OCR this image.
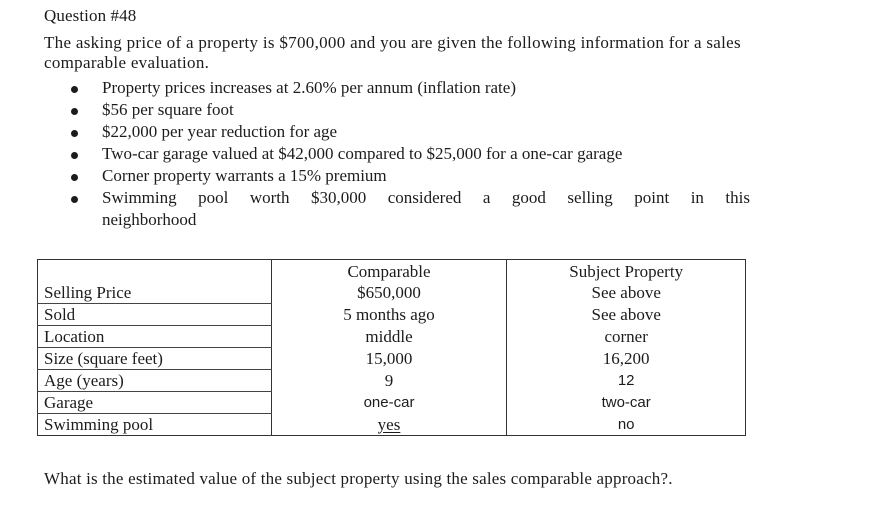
Question #48

The asking price of a property is $700,000 and you are given the following information for a sales comparable evaluation.

Property prices increases at 2.60% per annum (inflation rate)
$56 per square foot
$22,000 per year reduction for age
Two-car garage valued at $42,000 compared to $25,000 for a one-car garage
Corner property warrants a 15% premium
Swimming pool worth $30,000 considered a good selling point in this
neighborhood
	Comparable	Subject Property
Selling Price	$650,000	See above
Sold	5 months ago	See above
Location	middle	corner
Size (square feet)	15,000	16,200
Age (years)	9	12
Garage	one-car	two-car
Swimming pool	yes	no
What is the estimated value of the subject property using the sales comparable approach?.
